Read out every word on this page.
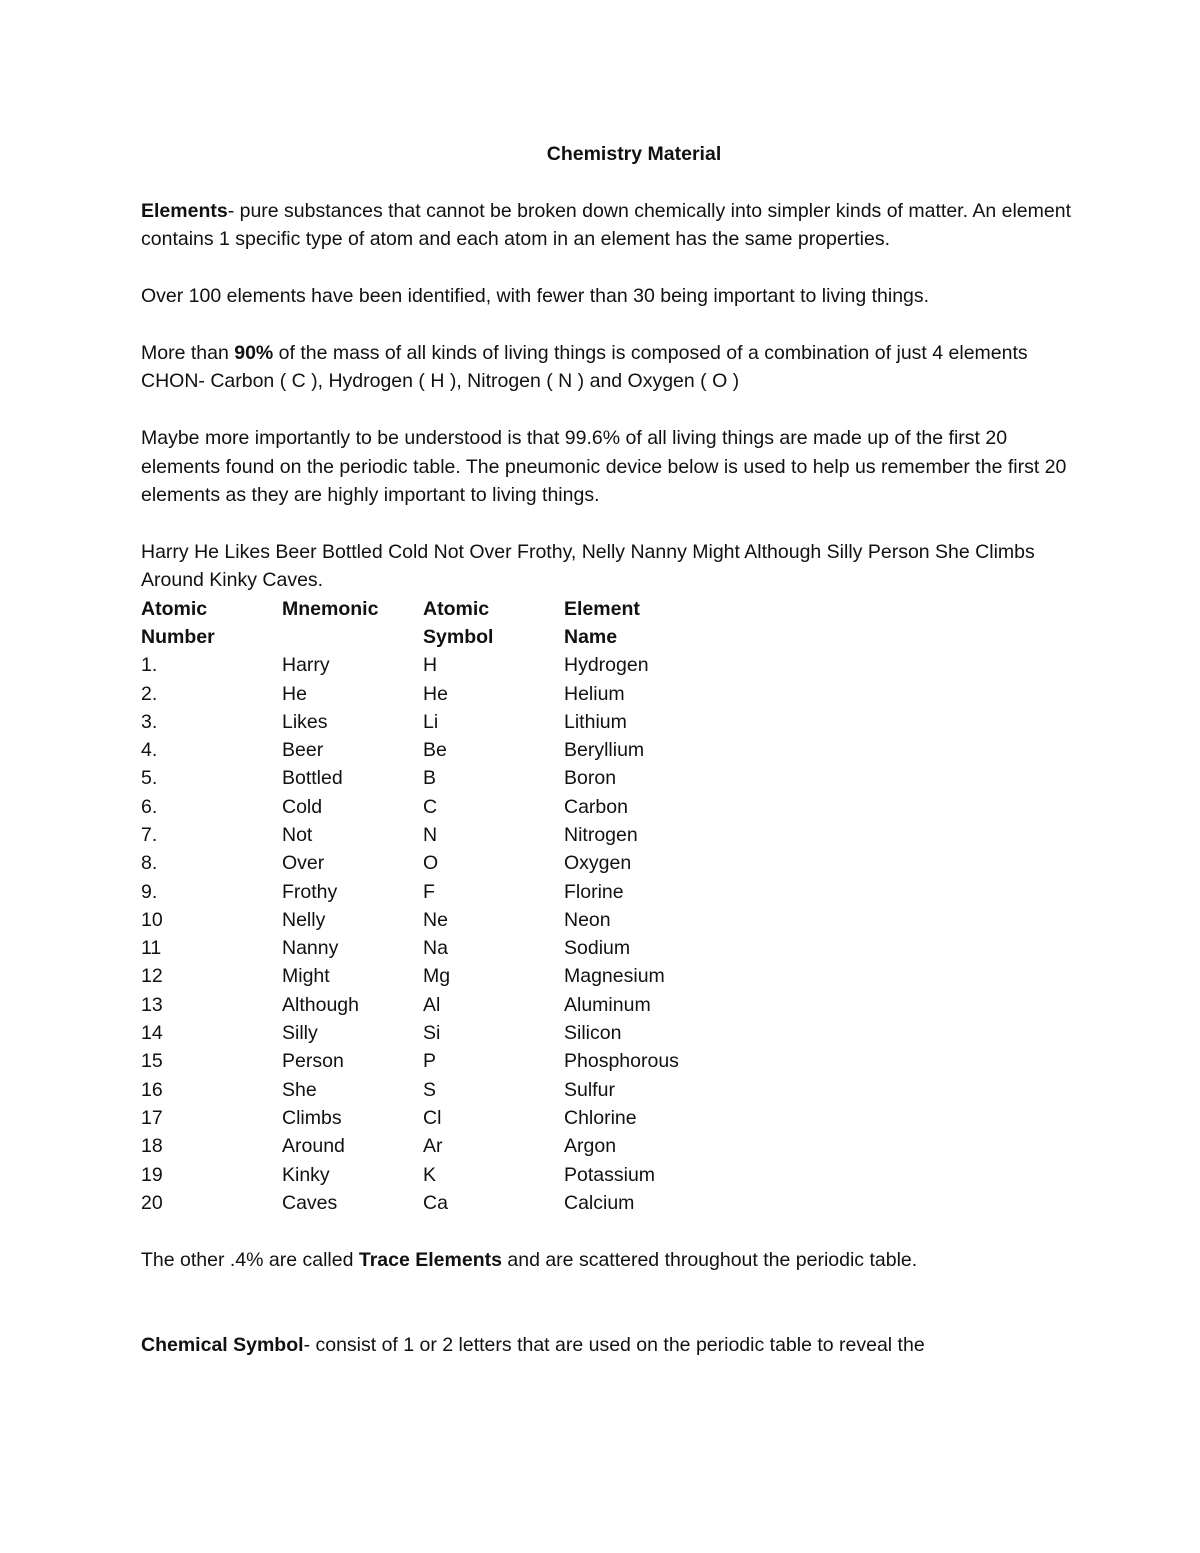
Chemistry Material

Elements- pure substances that cannot be broken down chemically into simpler kinds of matter. An element contains 1 specific type of atom and each atom in an element has the same properties.

Over 100 elements have been identified, with fewer than 30 being important to living things.

More than 90% of the mass of all kinds of living things is composed of a combination of just 4 elements CHON- Carbon ( C ), Hydrogen ( H ), Nitrogen ( N ) and Oxygen ( O )

Maybe more importantly to be understood is that 99.6% of all living things are made up of the first 20 elements found on the periodic table. The pneumonic device below is used to help us remember the first 20 elements as they are highly important to living things.

Harry He Likes Beer Bottled Cold Not Over Frothy, Nelly Nanny Might Although Silly Person She Climbs Around Kinky Caves.

Atomic	Mnemonic	Atomic	Element
Number		Symbol	Name
1.	Harry	H	Hydrogen
2.	He	He	Helium
3.	Likes	Li	Lithium
4.	Beer	Be	Beryllium
5.	Bottled	B	Boron
6.	Cold	C	Carbon
7.	Not	N	Nitrogen
8.	Over	O	Oxygen
9.	Frothy	F	Florine
10	Nelly	Ne	Neon
11	Nanny	Na	Sodium
12	Might	Mg	Magnesium
13	Although	Al	Aluminum
14	Silly	Si	Silicon
15	Person	P	Phosphorous
16	She	S	Sulfur
17	Climbs	Cl	Chlorine
18	Around	Ar	Argon
19	Kinky	K	Potassium
20	Caves	Ca	Calcium

The other .4% are called Trace Elements and are scattered throughout the periodic table.

Chemical Symbol- consist of 1 or 2 letters that are used on the periodic table to reveal the
